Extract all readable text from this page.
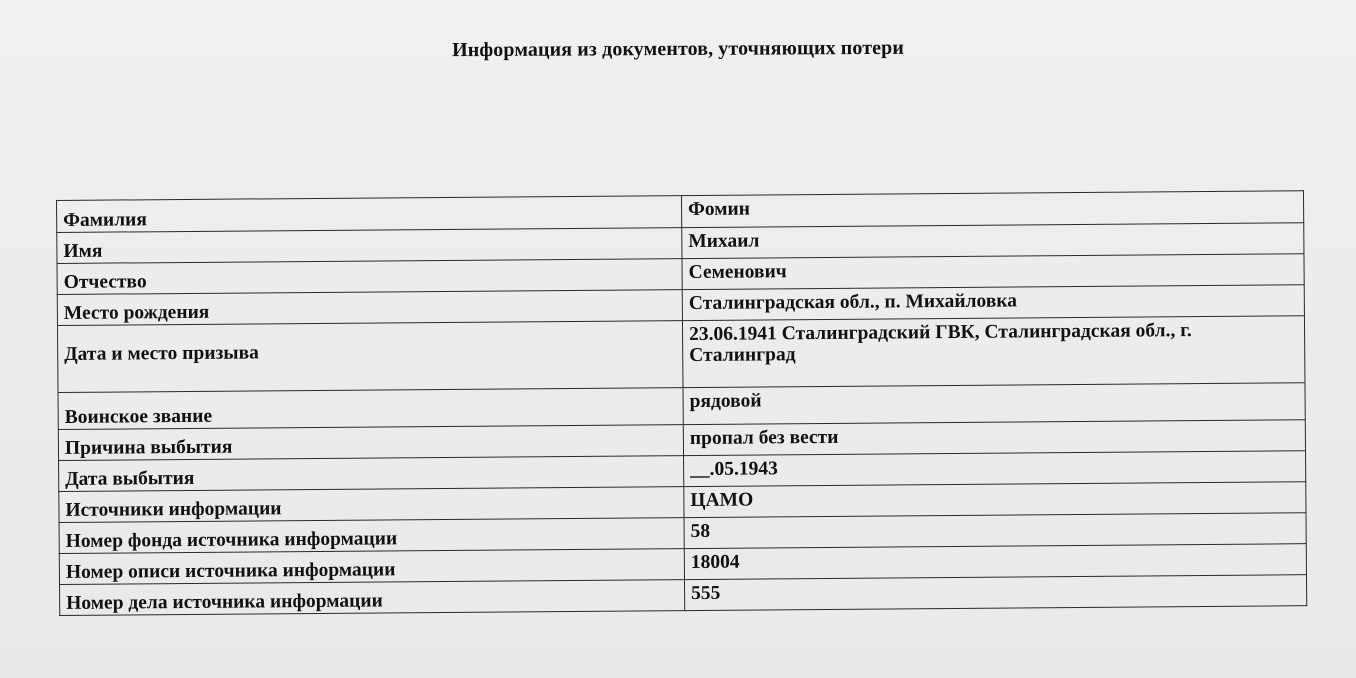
Информация из документов, уточняющих потери
Фамилия	Фомин
Имя	Михаил
Отчество	Семенович
Место рождения	Сталинградская обл., п. Михайловка
Дата и место призыва	23.06.1941 Сталинградский ГВК, Сталинградская обл., г. Сталинград
Воинское звание	рядовой
Причина выбытия	пропал без вести
Дата выбытия	__.05.1943
Источники информации	ЦАМО
Номер фонда источника информации	58
Номер описи источника информации	18004
Номер дела источника информации	555
